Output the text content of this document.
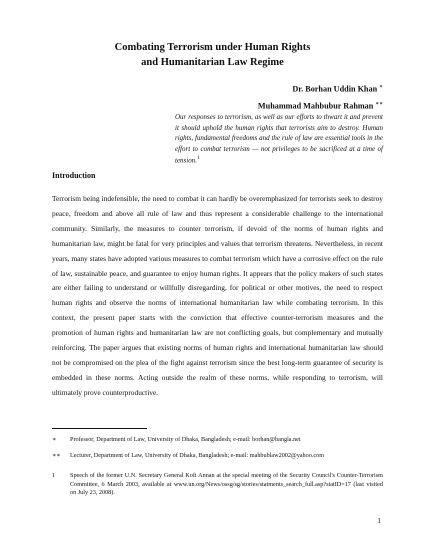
Combating Terrorism under Human Rights
and Humanitarian Law Regime
Dr. Borhan Uddin Khan ∗
Muhammad Mahbubur Rahman ∗∗
Our responses to terrorism, as well as our efforts to thwart it and prevent it should uphold the human rights that terrorists aim to destroy. Human rights, fundamental freedoms and the rule of law are essential tools in the effort to combat terrorism — not privileges to be sacrificed at a time of tension.$^1$
Introduction
Terrorism being indefensible, the need to combat it can hardly be overemphasized for terrorists seek to destroy peace, freedom and above all rule of law and thus represent a considerable challenge to the international community. Similarly, the measures to counter terrorism, if devoid of the norms of human rights and humanitarian law, might be fatal for very principles and values that terrorism threatens. Nevertheless, in recent years, many states have adopted various measures to combat terrorism which have a corrosive effect on the rule of law, sustainable peace, and guarantee to enjoy human rights. It appears that the policy makers of such states are either failing to understand or willfully disregarding, for political or other motives, the need to respect human rights and observe the norms of international humanitarian law while combating terrorism. In this context, the present paper starts with the conviction that effective counter-terrorism measures and the promotion of human rights and humanitarian law are not conflicting goals, but complementary and mutually reinforcing. The paper argues that existing norms of human rights and international humanitarian law should not be compromised on the plea of the fight against terrorism since the best long-term guarantee of security is embedded in these norms. Acting outside the realm of these norms, while responding to terrorism, will ultimately prove counterproductive.
∗ Professor, Department of Law, University of Dhaka, Bangladesh; e-mail: borhan@bangla.net
∗∗ Lecturer, Department of Law, University of Dhaka, Bangladesh; e-mail: mahbublaw2002@yahoo.com
1	Speech of the former U.N. Secretary General Kofi Annan at the special meeting of the Security Council's Counter-Terrorism Committee, 6 March 2003, available at www.un.org/News/ossg/sg/stories/statments_search_full.asp?statID=17 (last visited on July 23, 2008).
1
